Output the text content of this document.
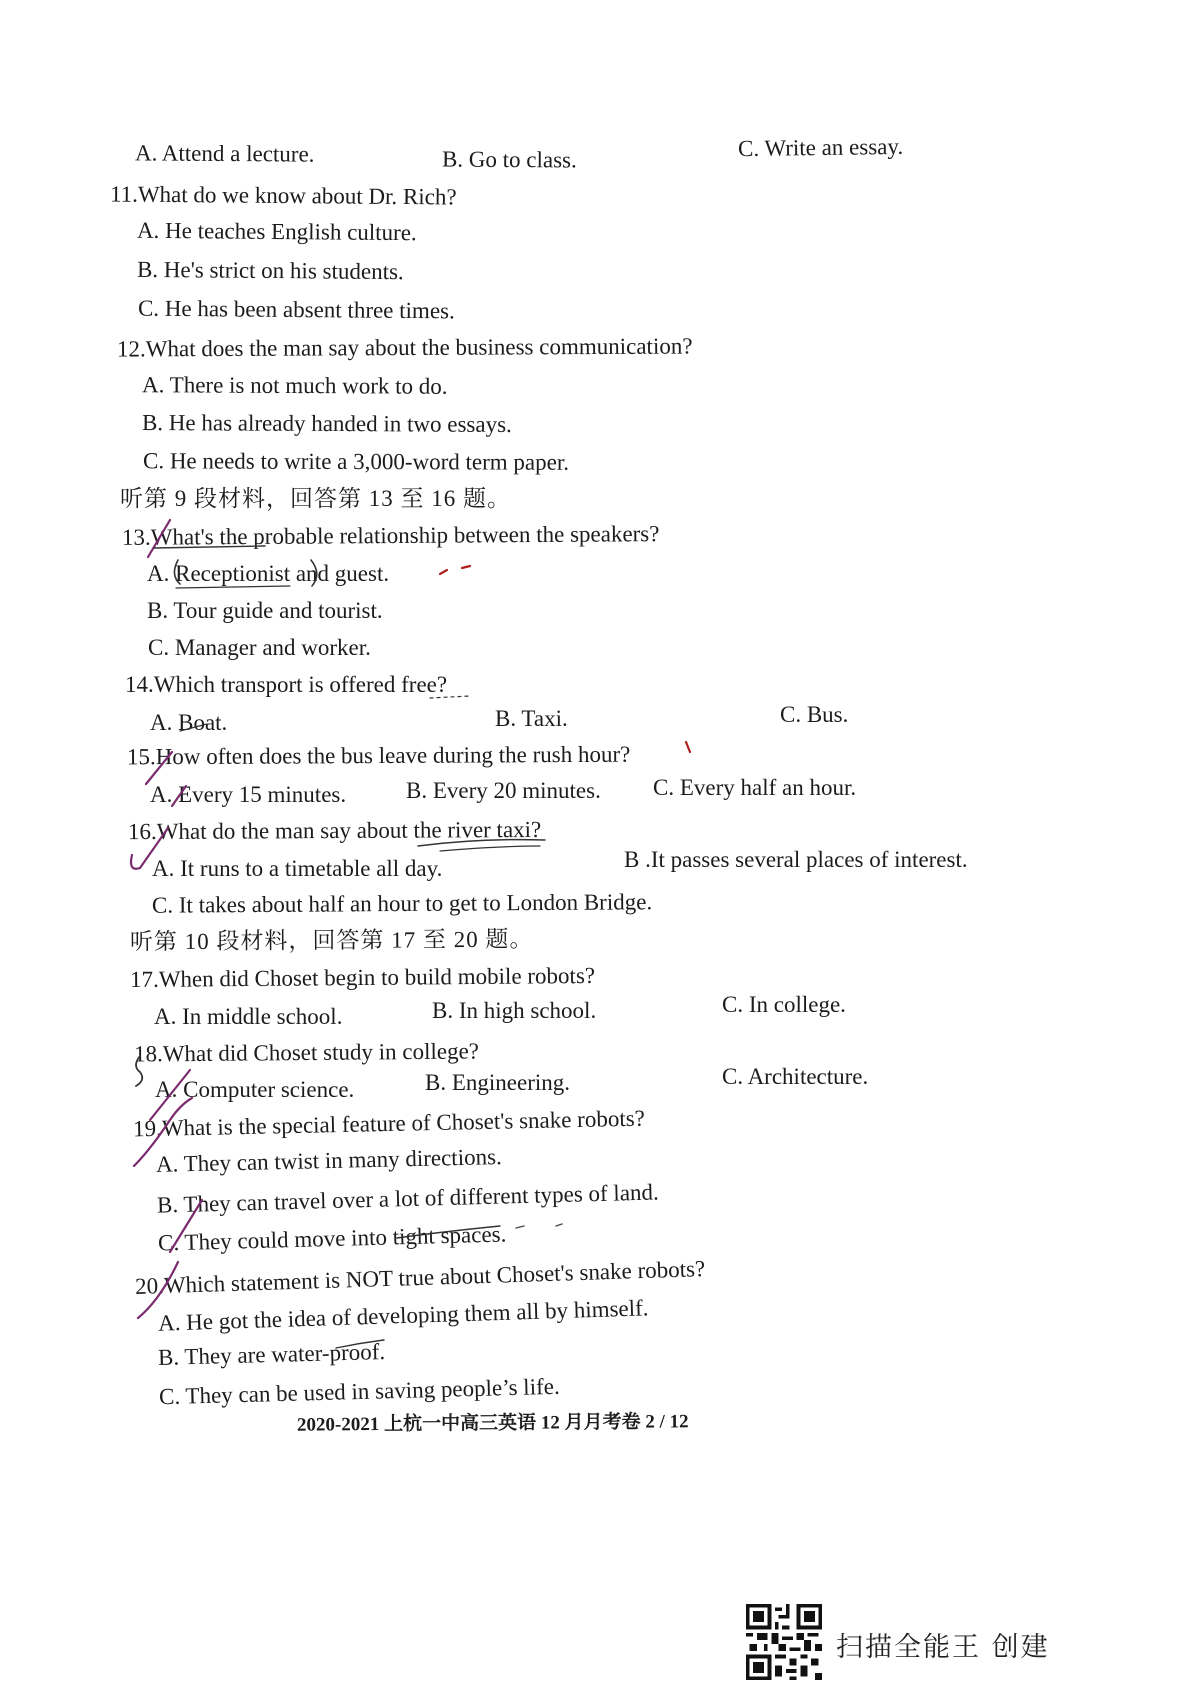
A. Attend a lecture.	B. Go to class.	C. Write an essay.
11.What do we know about Dr. Rich?
A. He teaches English culture.
B. He's strict on his students.
C. He has been absent three times.
12.What does the man say about the business communication?
A. There is not much work to do.
B. He has already handed in two essays.
C. He needs to write a 3,000-word term paper.
听第 9 段材料，回答第 13 至 16 题。
13.What's the probable relationship between the speakers?
A. Receptionist and guest.
B. Tour guide and tourist.
C. Manager and worker.
14.Which transport is offered free?
A. Boat.	B. Taxi.	C. Bus.
15.How often does the bus leave during the rush hour?
A. Every 15 minutes.	B. Every 20 minutes. C. Every half an hour.
16.What do the man say about the river taxi?
A. It runs to a timetable all day.	B .It passes several places of interest.
C. It takes about half an hour to get to London Bridge.
听第 10 段材料，回答第 17 至 20 题。
17.When did Choset begin to build mobile robots?
A. In middle school.	B. In high school.	C. In college.
18.What did Choset study in college?
A. Computer science.	B. Engineering.	C. Architecture.
19.What is the special feature of Choset's snake robots?
A. They can twist in many directions.
B. They can travel over a lot of different types of land.
C. They could move into tight spaces.
20.Which statement is NOT true about Choset's snake robots?
A. He got the idea of developing them all by himself.
B. They are water-proof.
C. They can be used in saving people’s life.
2020-2021 上杭一中高三英语 12 月月考卷 2 / 12
扫描全能王 创建
